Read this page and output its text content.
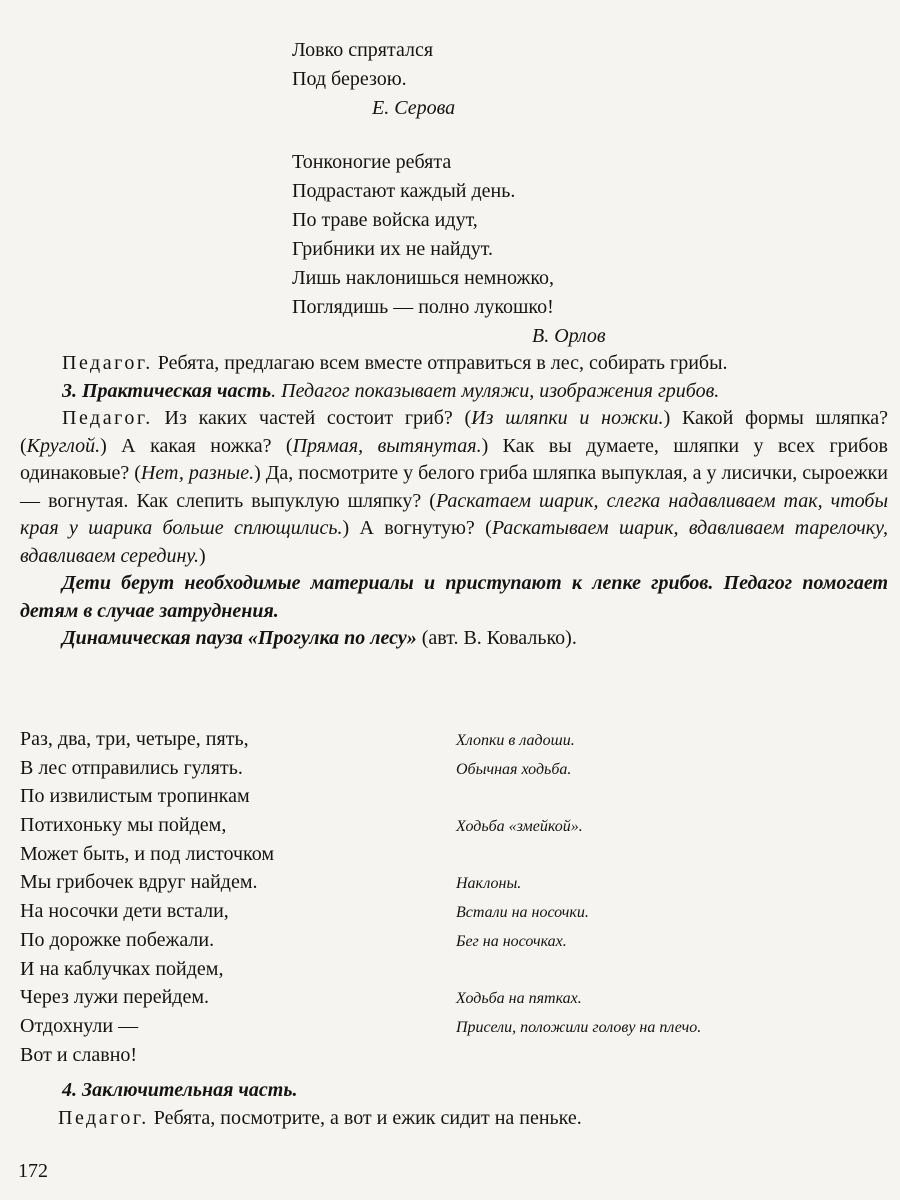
Ловко спрятался
Под березою.
Е. Серова
Тонконогие ребята
Подрастают каждый день.
По траве войска идут,
Грибники их не найдут.
Лишь наклонишься немножко,
Поглядишь — полно лукошко!
В. Орлов

Педагог. Ребята, предлагаю всем вместе отправиться в лес, собирать грибы.

3. Практическая часть. Педагог показывает муляжи, изображения грибов.

Педагог. Из каких частей состоит гриб? (Из шляпки и ножки.) Какой формы шляпка? (Круглой.) А какая ножка? (Прямая, вытянутая.) Как вы думаете, шляпки у всех грибов одинаковые? (Нет, разные.) Да, посмотрите у белого гриба шляпка выпуклая, а у лисички, сыроежки — вогнутая. Как слепить выпуклую шляпку? (Раскатаем шарик, слегка надавливаем так, чтобы края у шарика больше сплющились.) А вогнутую? (Раскатываем шарик, вдавливаем тарелочку, вдавливаем середину.)

Дети берут необходимые материалы и приступают к лепке грибов. Педагог помогает детям в случае затруднения.

Динамическая пауза «Прогулка по лесу» (авт. В. Ковалько).

Раз, два, три, четыре, пять,	Хлопки в ладоши.
В лес отправились гулять.	Обычная ходьба.
По извилистым тропинкам
Потихоньку мы пойдем,	Ходьба «змейкой».
Может быть, и под листочком
Мы грибочек вдруг найдем.	Наклоны.
На носочки дети встали,	Встали на носочки.
По дорожке побежали.	Бег на носочках.
И на каблучках пойдем,
Через лужи перейдем.	Ходьба на пятках.
Отдохнули —	Присели, положили голову на плечо.
Вот и славно!

4. Заключительная часть.

Педагог. Ребята, посмотрите, а вот и ежик сидит на пеньке.

172
